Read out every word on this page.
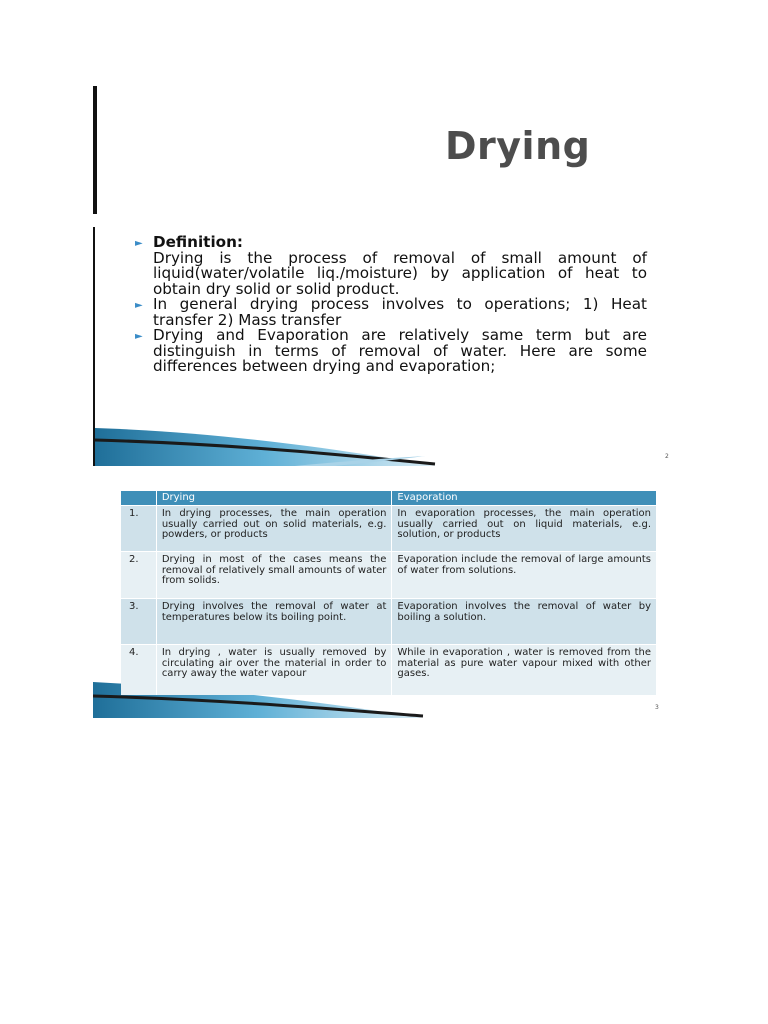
Drying
► Definition:

Drying is the process of removal of small amount of liquid(water/volatile liq./moisture) by application of heat to obtain dry solid or solid product.

► In general drying process involves to operations; 1) Heat transfer 2) Mass transfer
► Drying and Evaporation are relatively same term but are distinguish in terms of removal of water. Here are some differences between drying and evaporation;
2
	Drying	Evaporation
1.	In drying processes, the main operation usually carried out on solid materials, e.g. powders, or products	In evaporation processes, the main operation usually carried out on liquid materials, e.g. solution, or products
2.	Drying in most of the cases means the removal of relatively small amounts of water from solids.	Evaporation include the removal of large amounts of water from solutions.
3.	Drying involves the removal of water at temperatures below its boiling point.	Evaporation involves the removal of water by boiling a solution.
4.	In drying , water is usually removed by circulating air over the material in order to carry away the water vapour	While in evaporation , water is removed from the material as pure water vapour mixed with other gases.
3
